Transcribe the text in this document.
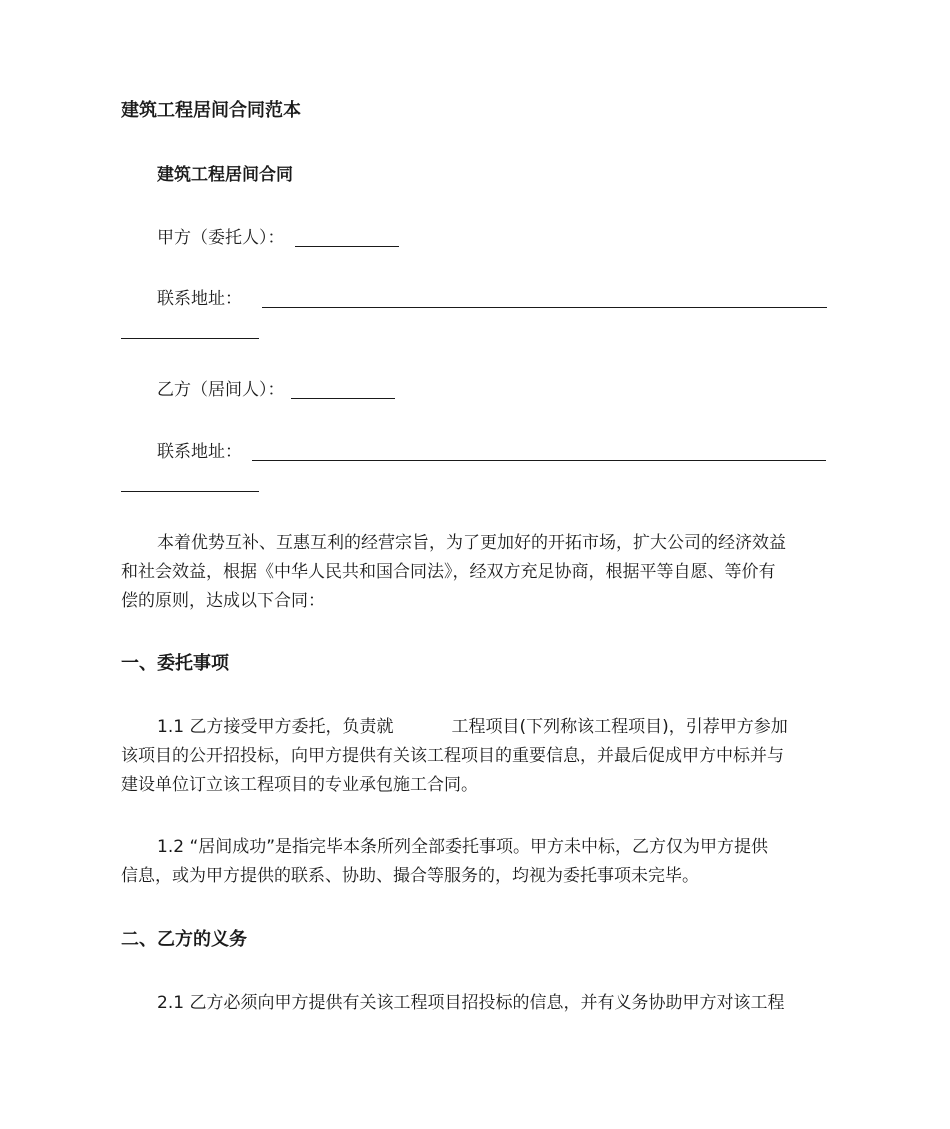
建筑工程居间合同范本
建筑工程居间合同
甲方（委托人）：
联系地址：
乙方（居间人）：
联系地址：
本着优势互补、互惠互利的经营宗旨，为了更加好的开拓市场，扩大公司的经济效益
和社会效益，根据《中华人民共和国合同法》，经双方充足协商，根据平等自愿、等价有
偿的原则，达成以下合同：
一、委托事项
1.1 乙方接受甲方委托，负责就	工程项目(下列称该工程项目)，引荐甲方参加
该项目的公开招投标，向甲方提供有关该工程项目的重要信息，并最后促成甲方中标并与
建设单位订立该工程项目的专业承包施工合同。
1.2 “居间成功”是指完毕本条所列全部委托事项。甲方未中标，乙方仅为甲方提供
信息，或为甲方提供的联系、协助、撮合等服务的，均视为委托事项未完毕。
二、乙方的义务
2.1 乙方必须向甲方提供有关该工程项目招投标的信息，并有义务协助甲方对该工程
